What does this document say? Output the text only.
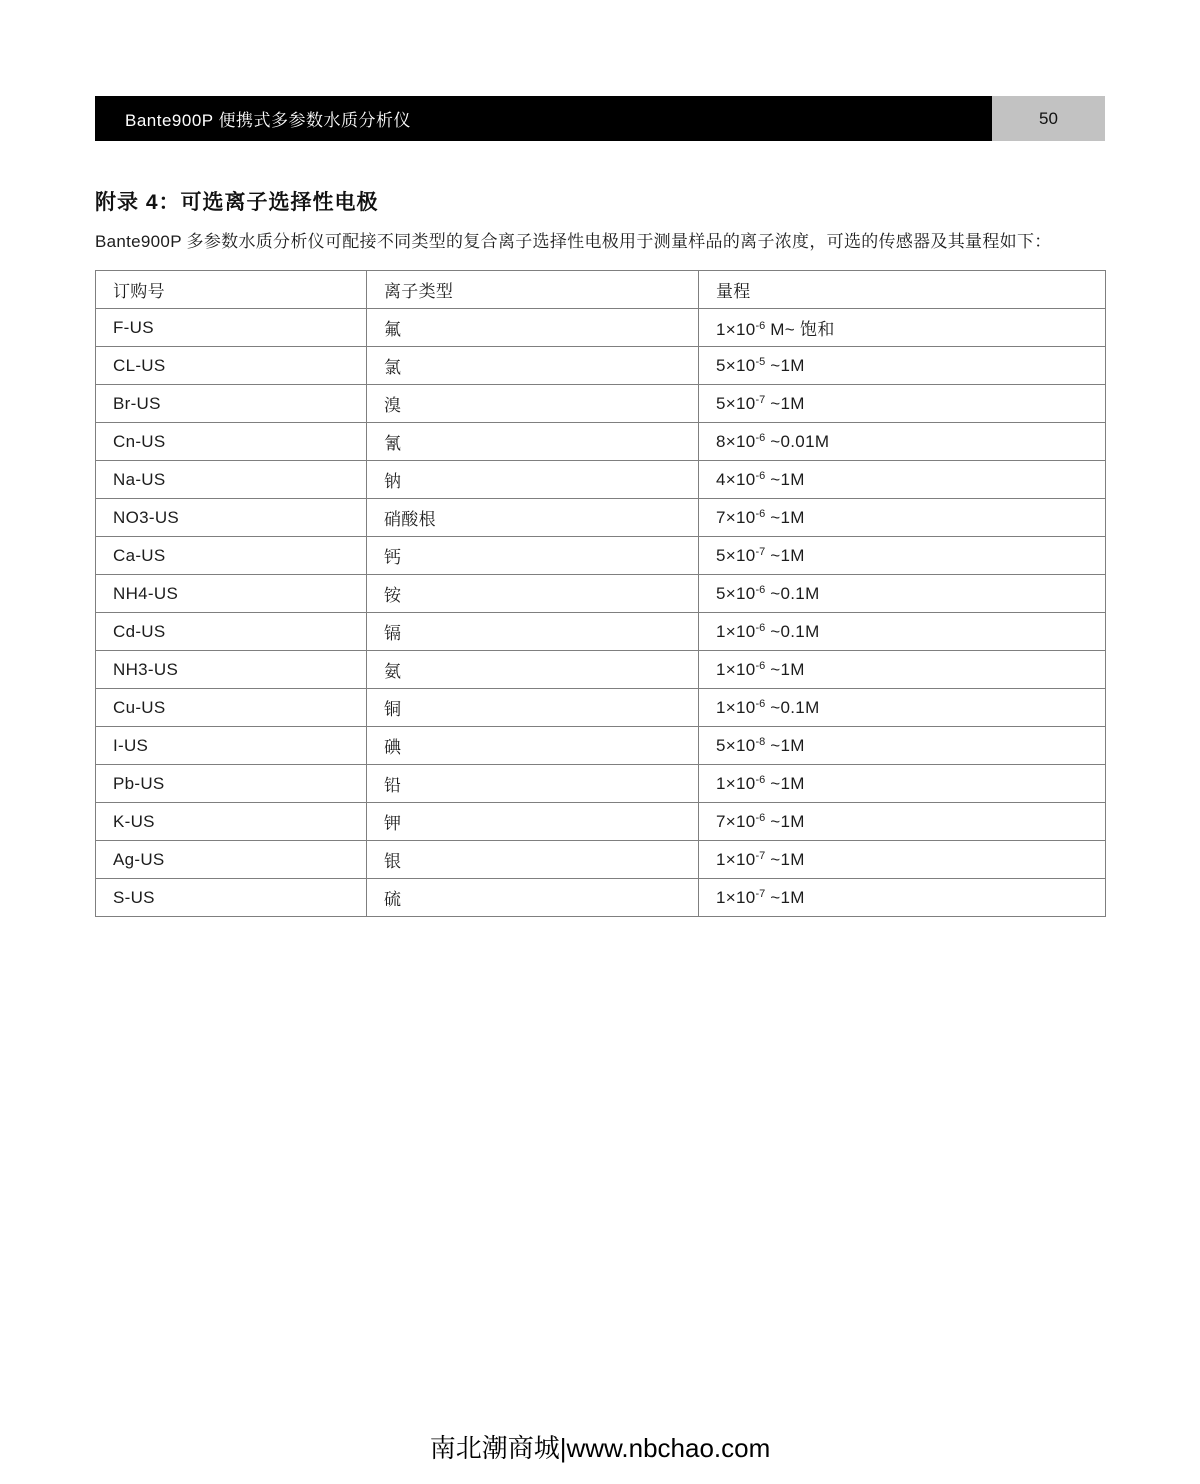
Bante900P 便携式多参数水质分析仪	50
附录 4：可选离子选择性电极

Bante900P 多参数水质分析仪可配接不同类型的复合离子选择性电极用于测量样品的离子浓度，可选的传感器及其量程如下：

订购号	离子类型	量程
F-US	氟	$1\times 10^{-6}$ M~ 饱和
CL-US	氯	$5\times 10^{-5}$ ~1M
Br-US	溴	$5\times 10^{-7}$ ~1M
Cn-US	氰	$8\times 10^{-6}$ ~0.01M
Na-US	钠	$4\times 10^{-6}$ ~1M
NO3-US	硝酸根	$7\times 10^{-6}$ ~1M
Ca-US	钙	$5\times 10^{-7}$ ~1M
NH4-US	铵	$5\times 10^{-6}$ ~0.1M
Cd-US	镉	$1\times 10^{-6}$ ~0.1M
NH3-US	氨	$1\times 10^{-6}$ ~1M
Cu-US	铜	$1\times 10^{-6}$ ~0.1M
I-US	碘	$5\times 10^{-8}$ ~1M
Pb-US	铅	$1\times 10^{-6}$ ~1M
K-US	钾	$7\times 10^{-6}$ ~1M
Ag-US	银	$1\times 10^{-7}$ ~1M
S-US	硫	$1\times 10^{-7}$ ~1M
南北潮商城|www.nbchao.com
